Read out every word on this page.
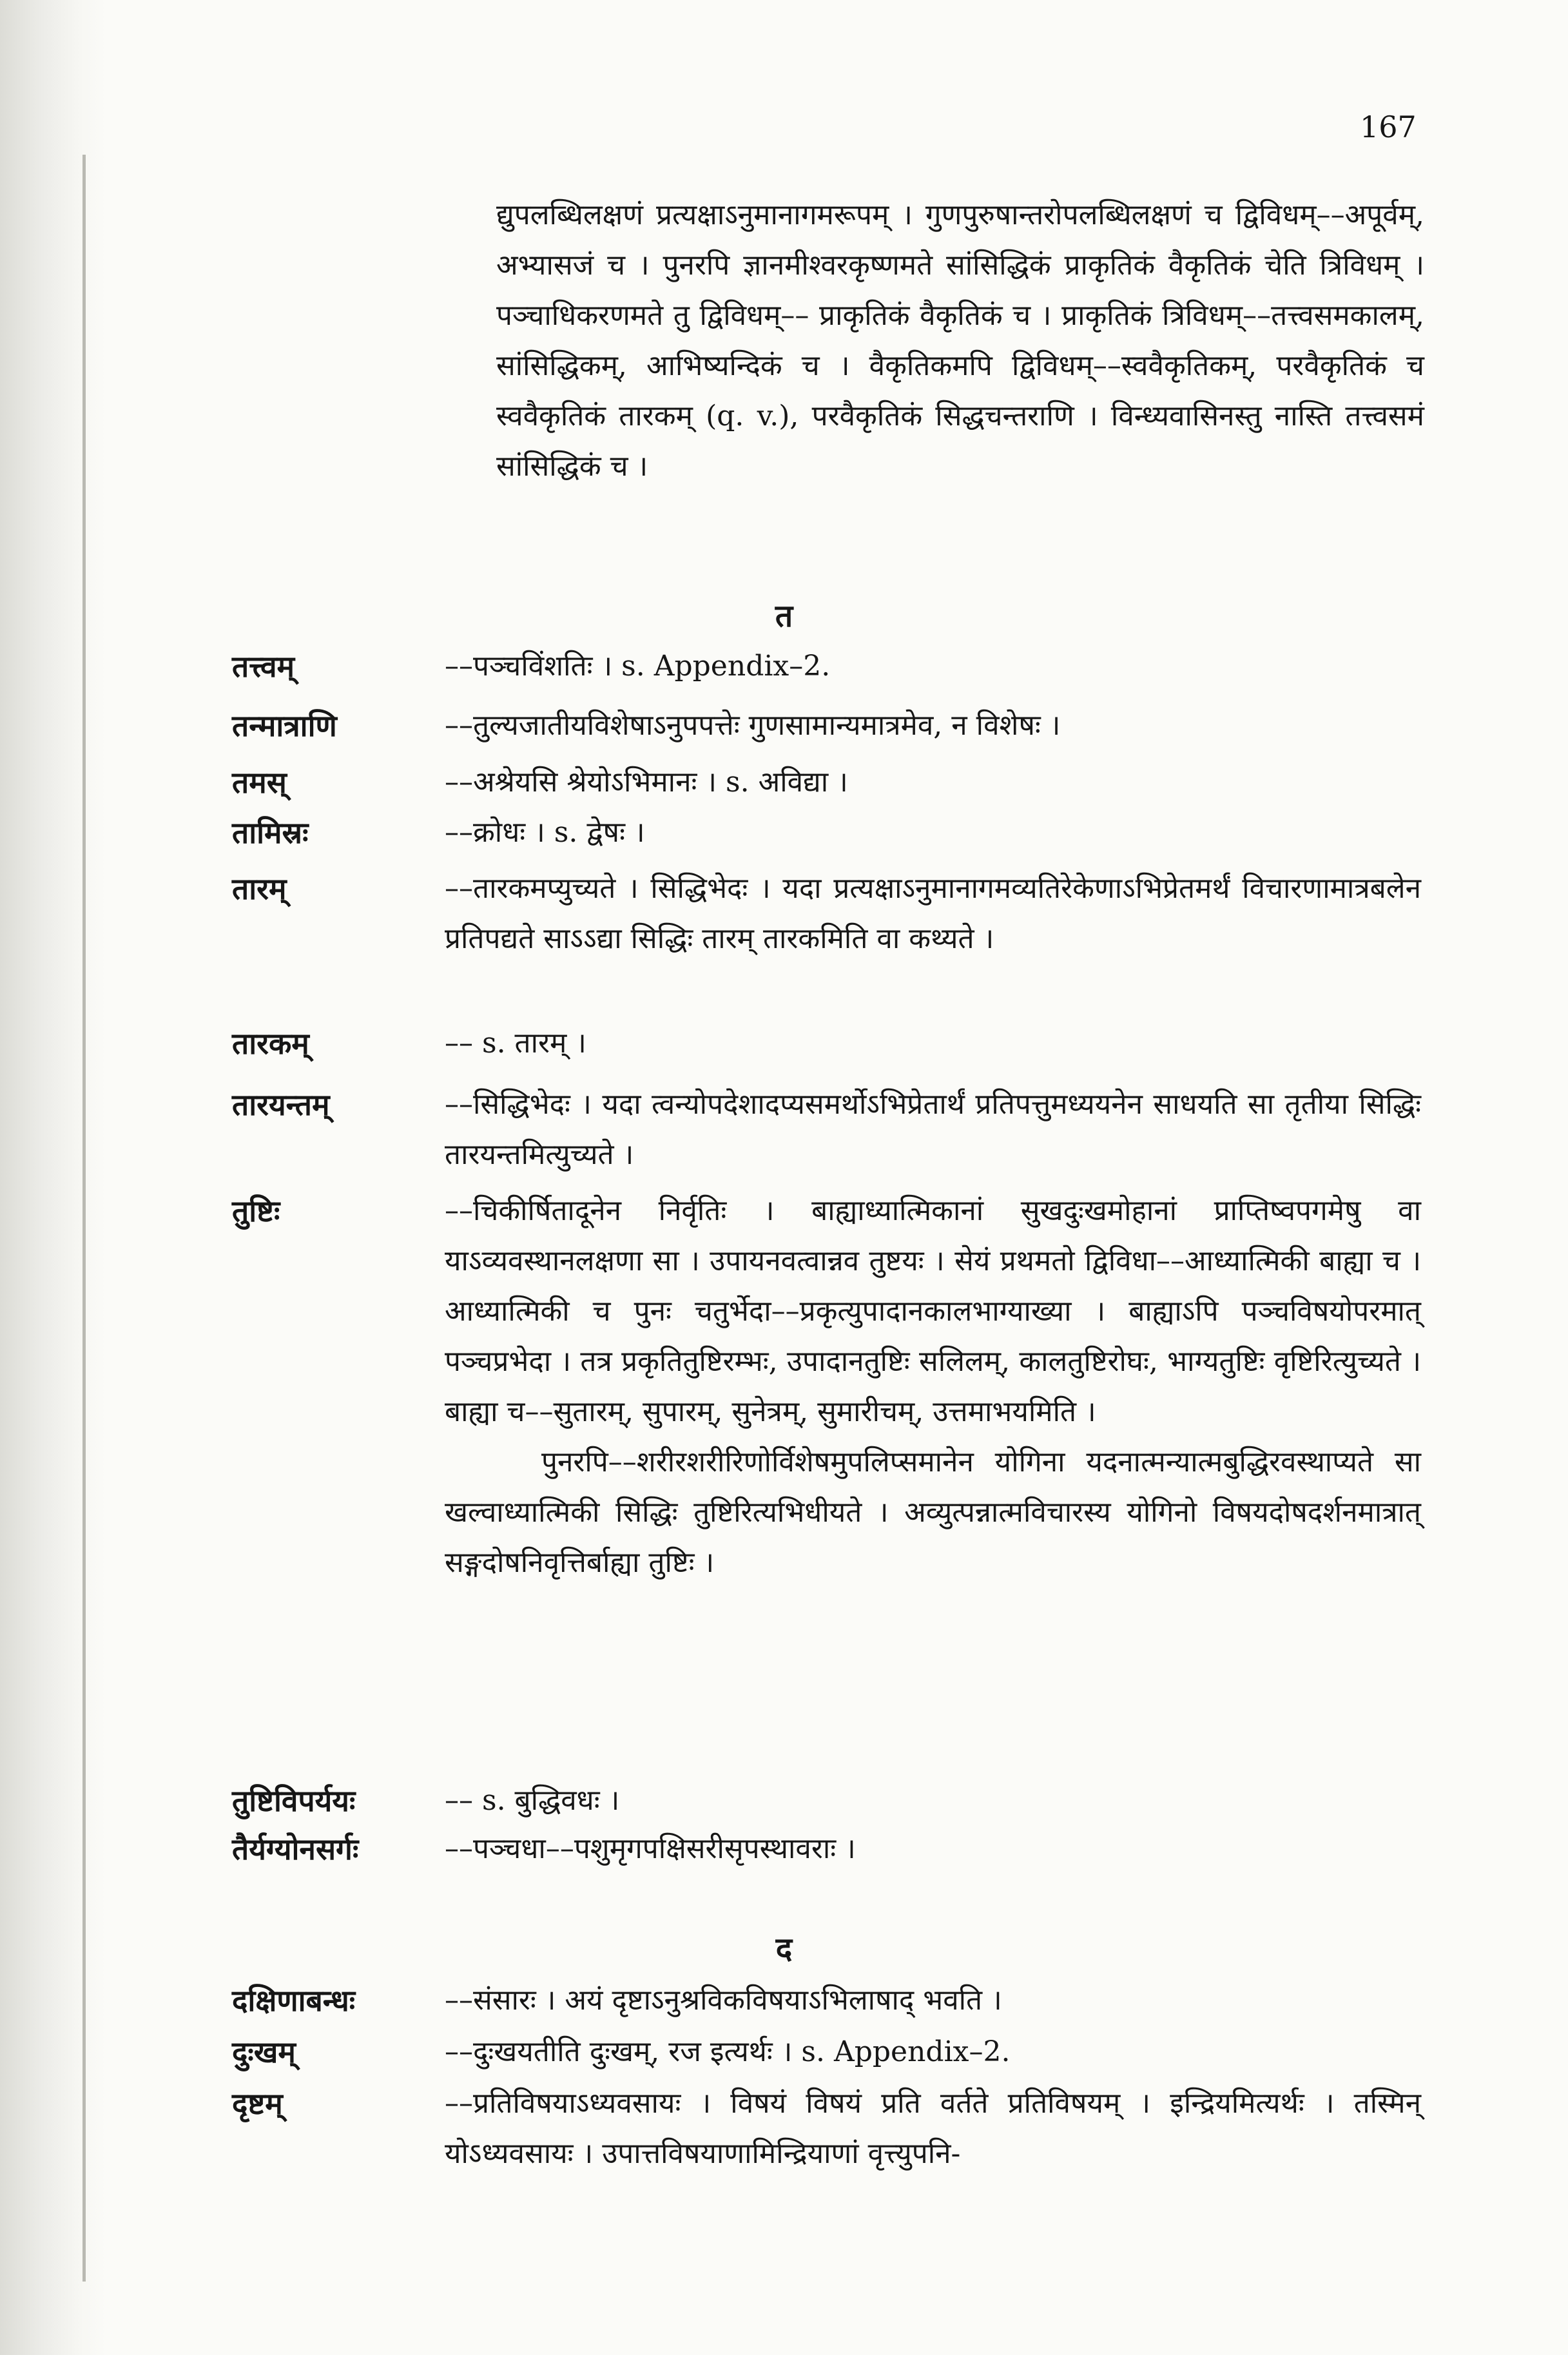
167

द्युपलब्धिलक्षणं प्रत्यक्षाऽनुमानागमरूपम् । गुणपुरुषान्तरोपलब्धिलक्षणं च द्विविधम्––अपूर्वम्, अभ्यासजं च । पुनरपि ज्ञानमीश्वरकृष्णमते सांसिद्धिकं प्राकृतिकं वैकृतिकं चेति त्रिविधम् । पञ्चाधिकरणमते तु द्विविधम्–– प्राकृतिकं वैकृतिकं च । प्राकृतिकं त्रिविधम्––तत्त्वसमकालम्, सांसिद्धिकम्, आभिष्यन्दिकं च । वैकृतिकमपि द्विविधम्––स्ववैकृतिकम्, परवैकृतिकं च स्ववैकृतिकं तारकम् (q. v.), परवैकृतिकं सिद्धचन्तराणि । विन्ध्यवासिनस्तु नास्ति तत्त्वसमं सांसिद्धिकं च ।

त
तत्त्वम्	––पञ्चविंशतिः । s. Appendix–2.

तन्मात्राणि	––तुल्यजातीयविशेषाऽनुपपत्तेः गुणसामान्यमात्रमेव, न विशेषः ।

तमस्	––अश्रेयसि श्रेयोऽभिमानः । s. अविद्या ।

तामिस्रः	––क्रोधः । s. द्वेषः ।

तारम्	––तारकमप्युच्यते । सिद्धिभेदः । यदा प्रत्यक्षाऽनुमानागमव्यतिरेकेणाऽभिप्रेतमर्थं विचारणामात्रबलेन प्रतिपद्यते साऽऽद्या सिद्धिः तारम् तारकमिति वा कथ्यते ।

तारकम्	–– s. तारम् ।

तारयन्तम्	––सिद्धिभेदः । यदा त्वन्योपदेशादप्यसमर्थोऽभिप्रेतार्थं प्रतिपत्तुमध्ययनेन साधयति सा तृतीया सिद्धिः तारयन्तमित्युच्यते ।

तुष्टिः	––चिकीर्षितादूनेन निर्वृतिः । बाह्याध्यात्मिकानां सुखदुःखमोहानां प्राप्तिष्वपगमेषु वा याऽव्यवस्थानलक्षणा सा । उपायनवत्वान्नव तुष्टयः । सेयं प्रथमतो द्विविधा––आध्यात्मिकी बाह्या च । आध्यात्मिकी च पुनः चतुर्भेदा––प्रकृत्युपादानकालभाग्याख्या । बाह्याऽपि पञ्चविषयोपरमात् पञ्चप्रभेदा । तत्र प्रकृतितुष्टिरम्भः, उपादानतुष्टिः सलिलम्, कालतुष्टिरोघः, भाग्यतुष्टिः वृष्टिरित्युच्यते । बाह्या च––सुतारम्, सुपारम्, सुनेत्रम्, सुमारीचम्, उत्तमाभयमिति ।

पुनरपि––शरीरशरीरिणोर्विशेषमुपलिप्समानेन योगिना यदनात्मन्यात्मबुद्धिरवस्थाप्यते सा खल्वाध्यात्मिकी सिद्धिः तुष्टिरित्यभिधीयते । अव्युत्पन्नात्मविचारस्य योगिनो विषयदोषदर्शनमात्रात् सङ्गदोषनिवृत्तिर्बाह्या तुष्टिः ।

तुष्टिविपर्ययः	–– s. बुद्धिवधः ।

तैर्यग्योनसर्गः	––पञ्चधा––पशुमृगपक्षिसरीसृपस्थावराः ।

द
दक्षिणाबन्धः	––संसारः । अयं दृष्टाऽनुश्रविकविषयाऽभिलाषाद् भवति ।

दुःखम्	––दुःखयतीति दुःखम्, रज इत्यर्थः । s. Appendix–2.

दृष्टम्	––प्रतिविषयाऽध्यवसायः । विषयं विषयं प्रति वर्तते प्रतिविषयम् । इन्द्रियमित्यर्थः । तस्मिन् योऽध्यवसायः । उपात्तविषयाणामिन्द्रियाणां वृत्त्युपनि-
